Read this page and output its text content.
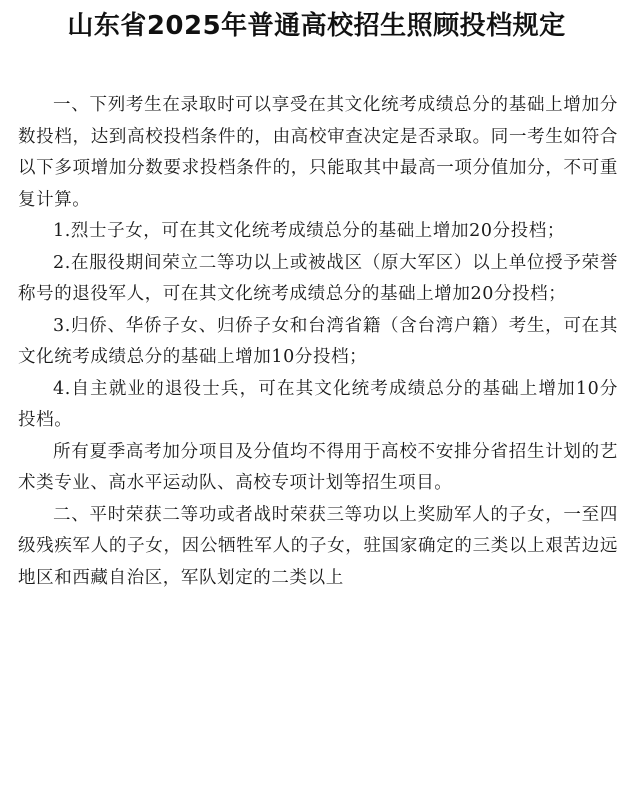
山东省2025年普通高校招生照顾投档规定

一、下列考生在录取时可以享受在其文化统考成绩总分的基础上增加分数投档，达到高校投档条件的，由高校审查决定是否录取。同一考生如符合以下多项增加分数要求投档条件的，只能取其中最高一项分值加分，不可重复计算。

1.烈士子女，可在其文化统考成绩总分的基础上增加20分投档；

2.在服役期间荣立二等功以上或被战区（原大军区）以上单位授予荣誉称号的退役军人，可在其文化统考成绩总分的基础上增加20分投档；

3.归侨、华侨子女、归侨子女和台湾省籍（含台湾户籍）考生，可在其文化统考成绩总分的基础上增加10分投档；

4.自主就业的退役士兵，可在其文化统考成绩总分的基础上增加10分投档。

所有夏季高考加分项目及分值均不得用于高校不安排分省招生计划的艺术类专业、高水平运动队、高校专项计划等招生项目。

二、平时荣获二等功或者战时荣获三等功以上奖励军人的子女，一至四级残疾军人的子女，因公牺牲军人的子女，驻国家确定的三类以上艰苦边远地区和西藏自治区，军队划定的二类以上
